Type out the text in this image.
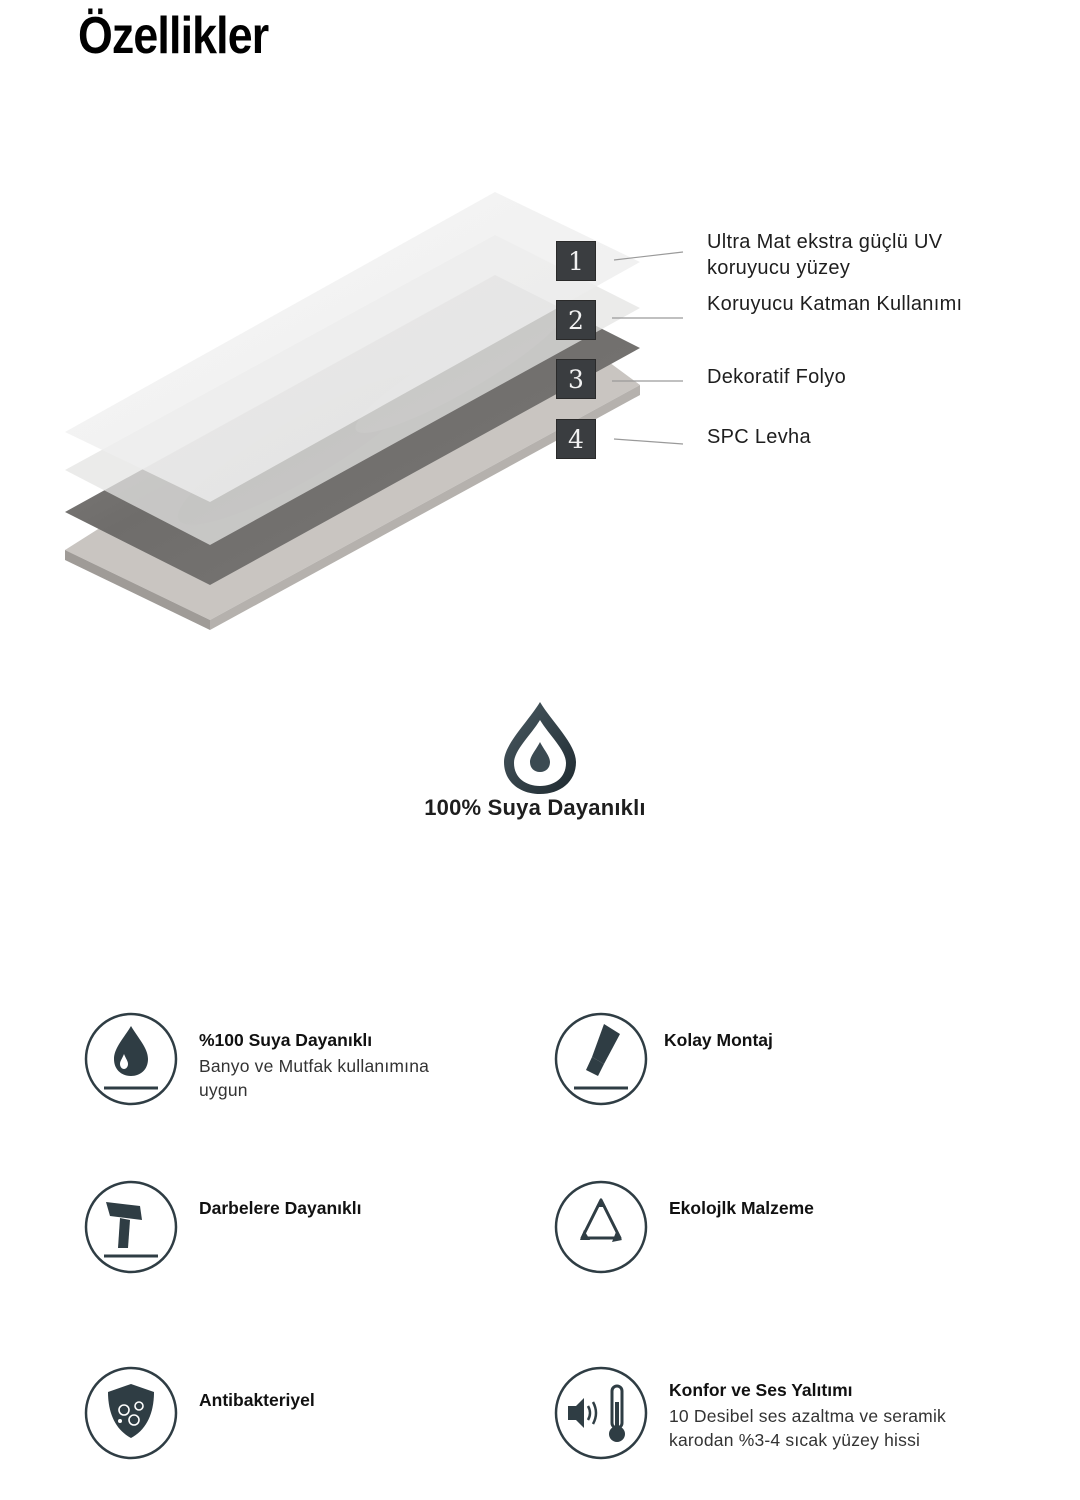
Özellikler
1
2
3
4
Ultra Mat ekstra güçlü UV
koruyucu yüzey
Koruyucu Katman Kullanımı
Dekoratif Folyo
SPC Levha
100% Suya Dayanıklı
%100 Suya Dayanıklı
Banyo ve Mutfak kullanımına
uygun
Kolay Montaj
Darbelere Dayanıklı	Ekolojlk Malzeme
Antibakteriyel	Konfor ve Ses Yalıtımı
10 Desibel ses azaltma ve seramik
karodan %3-4 sıcak yüzey hissi
